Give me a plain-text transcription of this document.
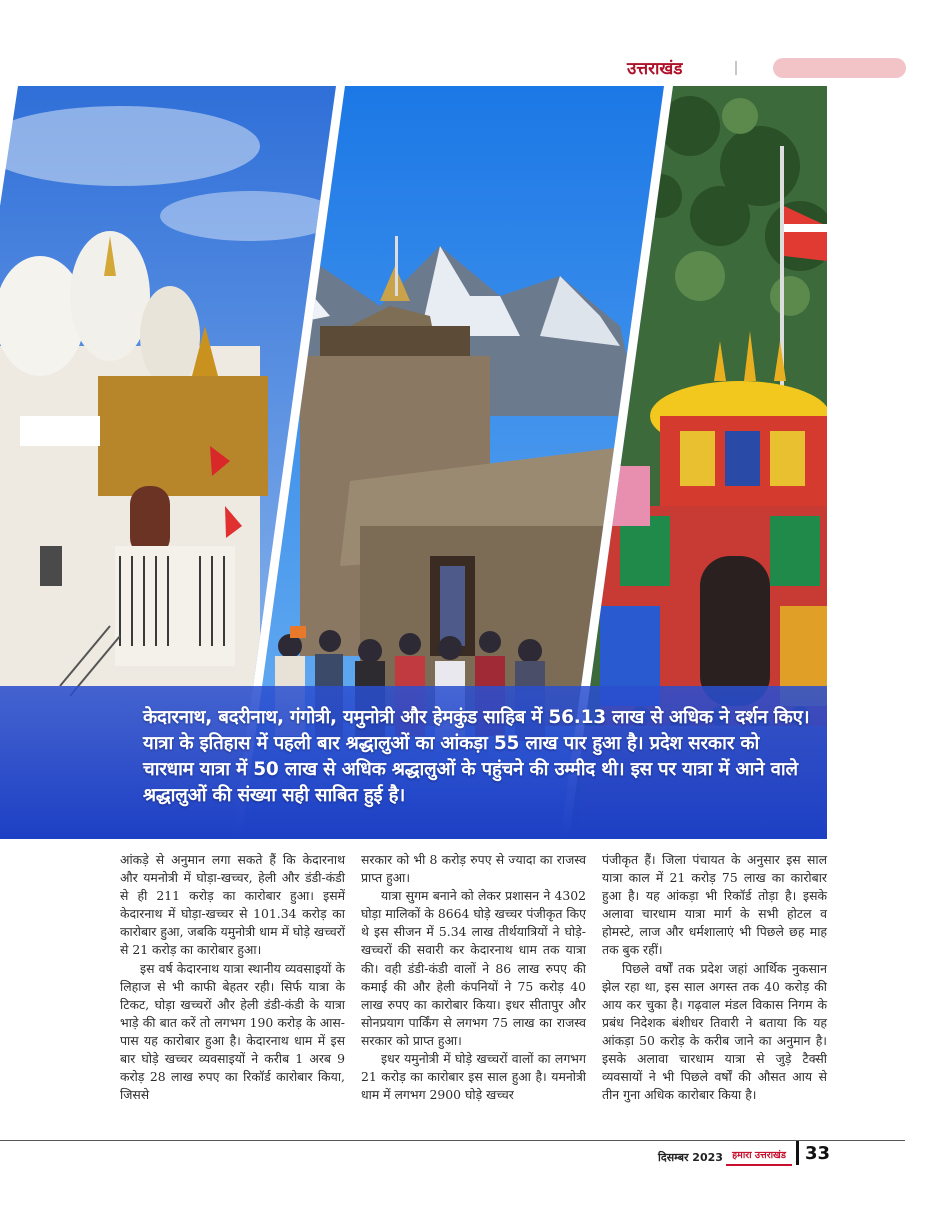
उत्तराखंड
केदारनाथ, बदरीनाथ, गंगोत्री, यमुनोत्री और हेमकुंड साहिब में 56.13 लाख से अधिक ने दर्शन किए। यात्रा के इतिहास में पहली बार श्रद्धालुओं का आंकड़ा 55 लाख पार हुआ है। प्रदेश सरकार को चारधाम यात्रा में 50 लाख से अधिक श्रद्धालुओं के पहुंचने की उम्मीद थी। इस पर यात्रा में आने वाले श्रद्धालुओं की संख्या सही साबित हुई है।

आंकड़े से अनुमान लगा सकते हैं कि केदारनाथ और यमनोत्री में घोड़ा-खच्चर, हेली और डंडी-कंडी से ही 211 करोड़ का कारोबार हुआ। इसमें केदारनाथ में घोड़ा-खच्चर से 101.34 करोड़ का कारोबार हुआ, जबकि यमुनोत्री धाम में घोड़े खच्चरों से 21 करोड़ का कारोबार हुआ।

इस वर्ष केदारनाथ यात्रा स्थानीय व्यवसाइयों के लिहाज से भी काफी बेहतर रही। सिर्फ यात्रा के टिकट, घोड़ा खच्चरों और हेली डंडी-कंडी के यात्रा भाड़े की बात करें तो लगभग 190 करोड़ के आस-पास यह कारोबार हुआ है। केदारनाथ धाम में इस बार घोड़े खच्चर व्यवसाइयों ने करीब 1 अरब 9 करोड़ 28 लाख रुपए का रिकॉर्ड कारोबार किया, जिससे

सरकार को भी 8 करोड़ रुपए से ज्यादा का राजस्व प्राप्त हुआ।

यात्रा सुगम बनाने को लेकर प्रशासन ने 4302 घोड़ा मालिकों के 8664 घोड़े खच्चर पंजीकृत किए थे इस सीजन में 5.34 लाख तीर्थयात्रियों ने घोड़े-खच्चरों की सवारी कर केदारनाथ धाम तक यात्रा की। वही डंडी-कंडी वालों ने 86 लाख रुपए की कमाई की और हेली कंपनियों ने 75 करोड़ 40 लाख रुपए का कारोबार किया। इधर सीतापुर और सोनप्रयाग पार्किंग से लगभग 75 लाख का राजस्व सरकार को प्राप्त हुआ।

इधर यमुनोत्री में घोड़े खच्चरों वालों का लगभग 21 करोड़ का कारोबार इस साल हुआ है। यमनोत्री धाम में लगभग 2900 घोड़े खच्चर

पंजीकृत हैं। जिला पंचायत के अनुसार इस साल यात्रा काल में 21 करोड़ 75 लाख का कारोबार हुआ है। यह आंकड़ा भी रिकॉर्ड तोड़ा है। इसके अलावा चारधाम यात्रा मार्ग के सभी होटल व होमस्टे, लाज और धर्मशालाएं भी पिछले छह माह तक बुक रहीं।

पिछले वर्षों तक प्रदेश जहां आर्थिक नुकसान झेल रहा था, इस साल अगस्त तक 40 करोड़ की आय कर चुका है। गढ़वाल मंडल विकास निगम के प्रबंध निदेशक बंशीधर तिवारी ने बताया कि यह आंकड़ा 50 करोड़ के करीब जाने का अनुमान है। इसके अलावा चारधाम यात्रा से जुड़े टैक्सी व्यवसायों ने भी पिछले वर्षों की औसत आय से तीन गुना अधिक कारोबार किया है।

दिसम्बर 2023 हमारा उत्तराखंड	33
